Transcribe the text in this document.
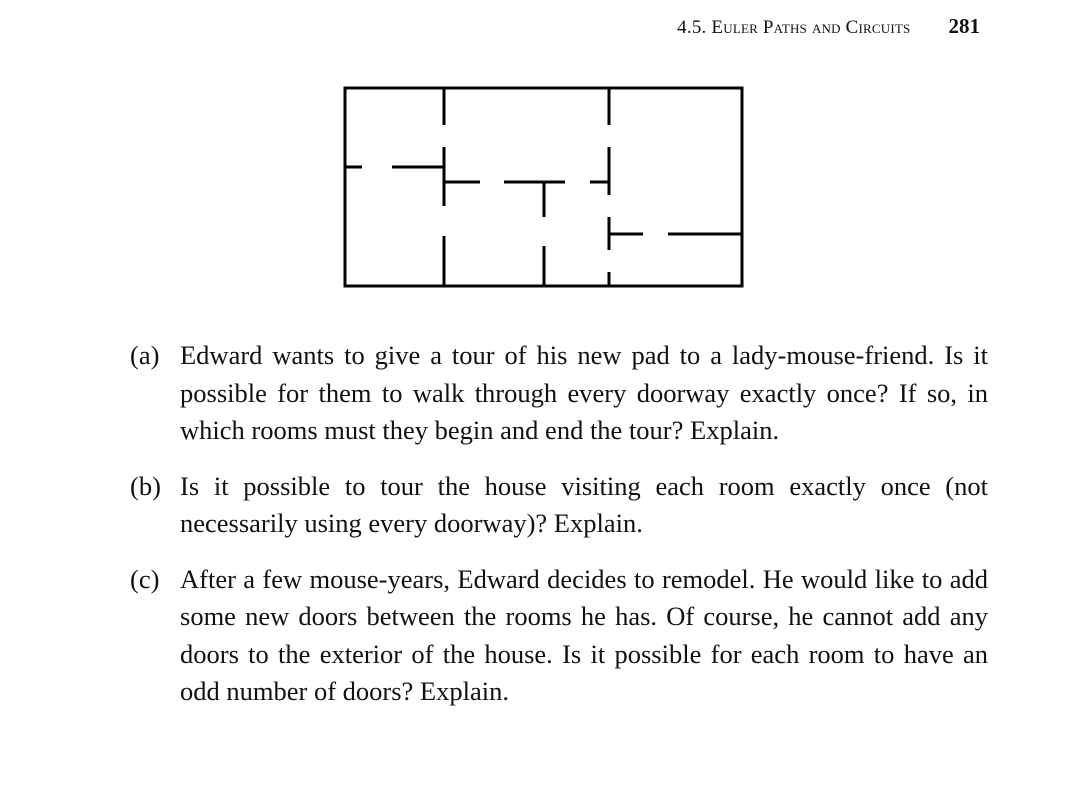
4.5. Euler Paths and Circuits 281
(a) Edward wants to give a tour of his new pad to a lady-mouse-friend. Is it possible for them to walk through every doorway exactly once? If so, in which rooms must they begin and end the tour? Explain.
(b) Is it possible to tour the house visiting each room exactly once (not necessarily using every doorway)? Explain.
(c) After a few mouse-years, Edward decides to remodel. He would like to add some new doors between the rooms he has. Of course, he cannot add any doors to the exterior of the house. Is it possible for each room to have an odd number of doors? Explain.
